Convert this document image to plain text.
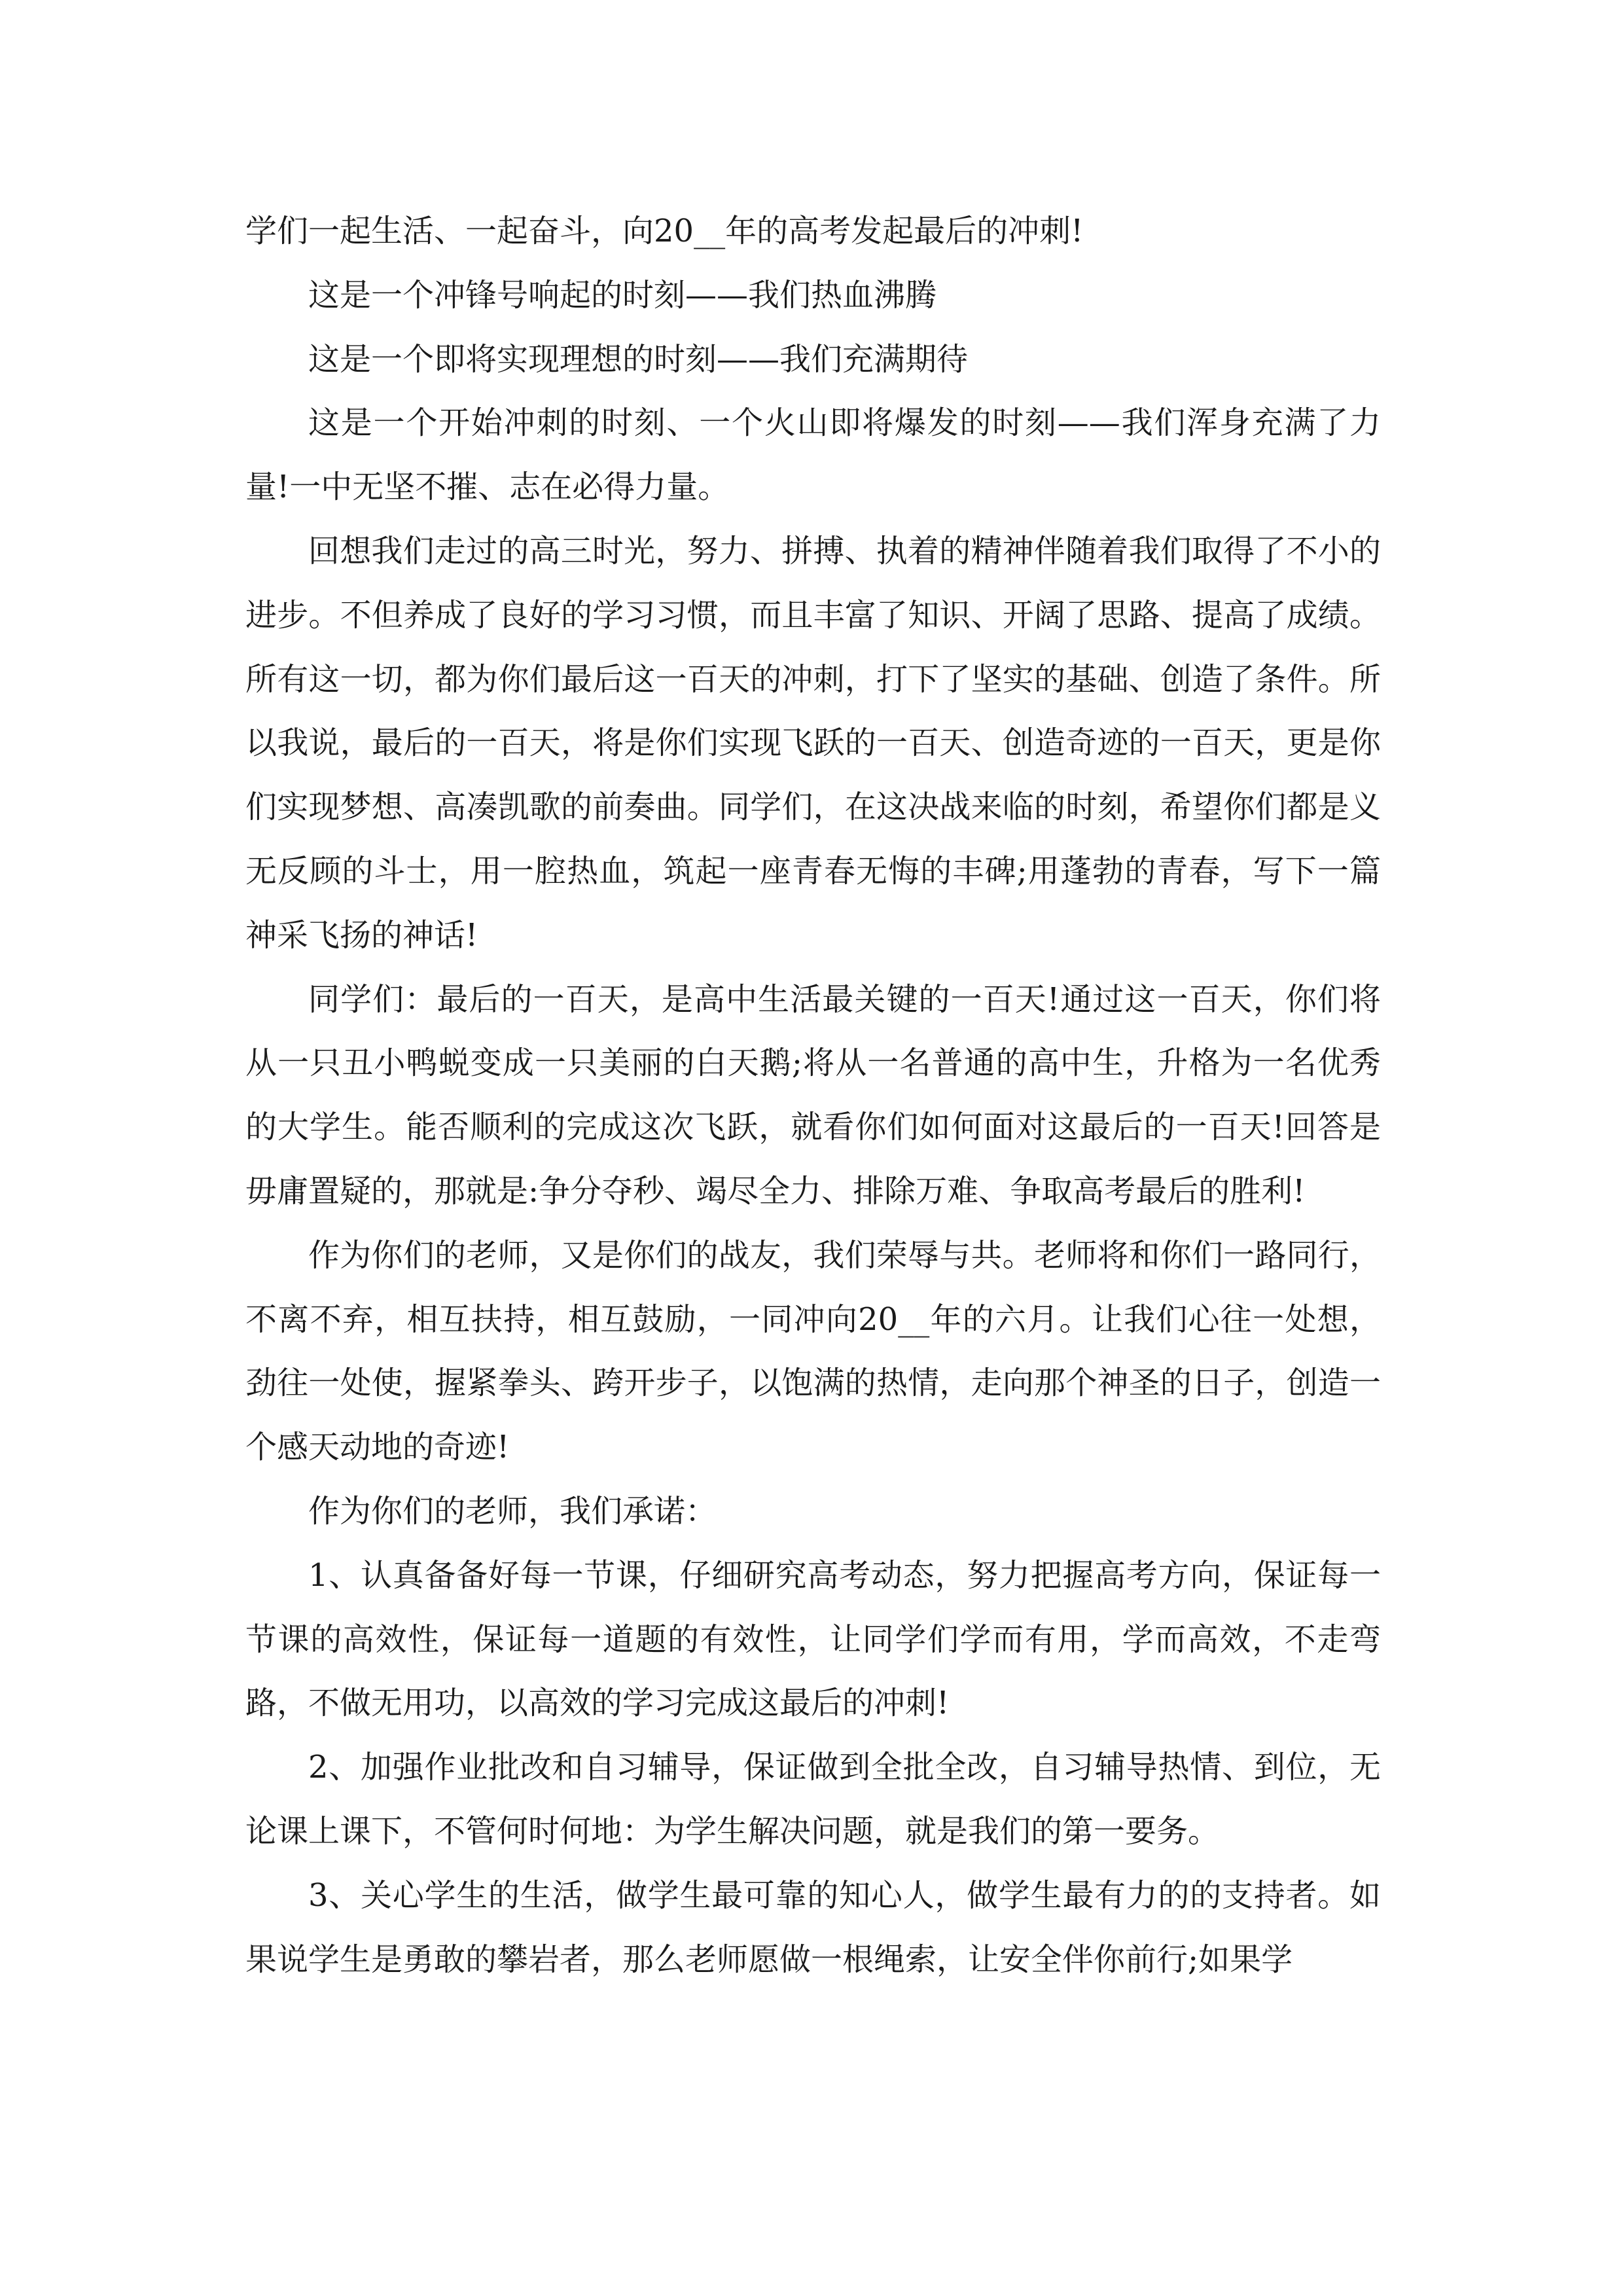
学们一起生活、一起奋斗，向20__年的高考发起最后的冲刺!

这是一个冲锋号响起的时刻——我们热血沸腾

这是一个即将实现理想的时刻——我们充满期待

这是一个开始冲刺的时刻、一个火山即将爆发的时刻——我们浑身充满了力量!一中无坚不摧、志在必得力量。

回想我们走过的高三时光，努力、拼搏、执着的精神伴随着我们取得了不小的进步。不但养成了良好的学习习惯，而且丰富了知识、开阔了思路、提高了成绩。所有这一切，都为你们最后这一百天的冲刺，打下了坚实的基础、创造了条件。所以我说，最后的一百天，将是你们实现飞跃的一百天、创造奇迹的一百天，更是你们实现梦想、高凑凯歌的前奏曲。同学们，在这决战来临的时刻，希望你们都是义无反顾的斗士，用一腔热血，筑起一座青春无悔的丰碑;用蓬勃的青春，写下一篇神采飞扬的神话!

同学们：最后的一百天，是高中生活最关键的一百天!通过这一百天，你们将从一只丑小鸭蜕变成一只美丽的白天鹅;将从一名普通的高中生，升格为一名优秀的大学生。能否顺利的完成这次飞跃，就看你们如何面对这最后的一百天!回答是毋庸置疑的，那就是:争分夺秒、竭尽全力、排除万难、争取高考最后的胜利!

作为你们的老师，又是你们的战友，我们荣辱与共。老师将和你们一路同行，不离不弃，相互扶持，相互鼓励，一同冲向20__年的六月。让我们心往一处想，劲往一处使，握紧拳头、跨开步子，以饱满的热情，走向那个神圣的日子，创造一个感天动地的奇迹!

作为你们的老师，我们承诺：

1、认真备备好每一节课，仔细研究高考动态，努力把握高考方向，保证每一节课的高效性，保证每一道题的有效性，让同学们学而有用，学而高效，不走弯路，不做无用功，以高效的学习完成这最后的冲刺!

2、加强作业批改和自习辅导，保证做到全批全改，自习辅导热情、到位，无论课上课下，不管何时何地：为学生解决问题，就是我们的第一要务。

3、关心学生的生活，做学生最可靠的知心人，做学生最有力的的支持者。如果说学生是勇敢的攀岩者，那么老师愿做一根绳索，让安全伴你前行;如果学
